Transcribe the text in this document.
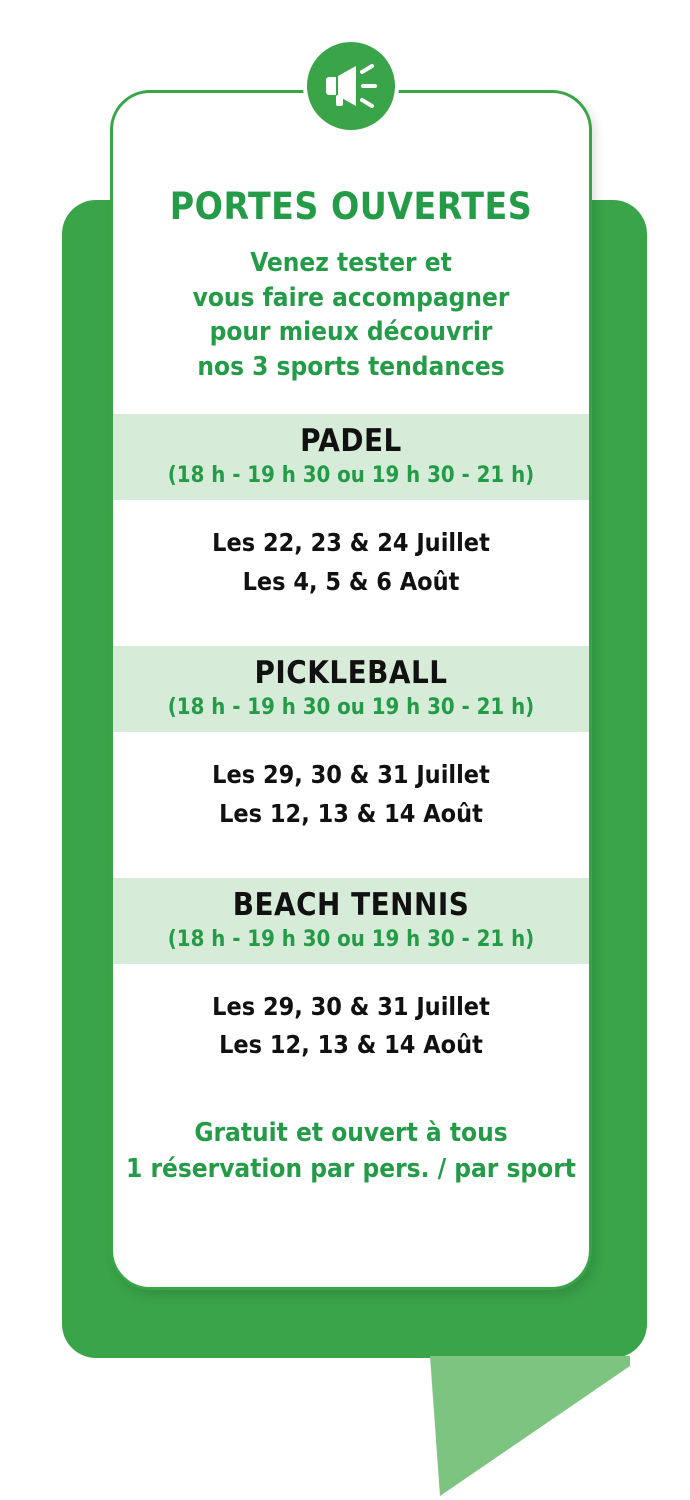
PORTES OUVERTES
Venez tester et
vous faire accompagner
pour mieux découvrir
nos 3 sports tendances
PADEL
(18 h - 19 h 30 ou 19 h 30 - 21 h)
Les 22, 23 & 24 Juillet
Les 4, 5 & 6 Août
PICKLEBALL
(18 h - 19 h 30 ou 19 h 30 - 21 h)
Les 29, 30 & 31 Juillet
Les 12, 13 & 14 Août
BEACH TENNIS
(18 h - 19 h 30 ou 19 h 30 - 21 h)
Les 29, 30 & 31 Juillet
Les 12, 13 & 14 Août
Gratuit et ouvert à tous
1 réservation par pers. / par sport
